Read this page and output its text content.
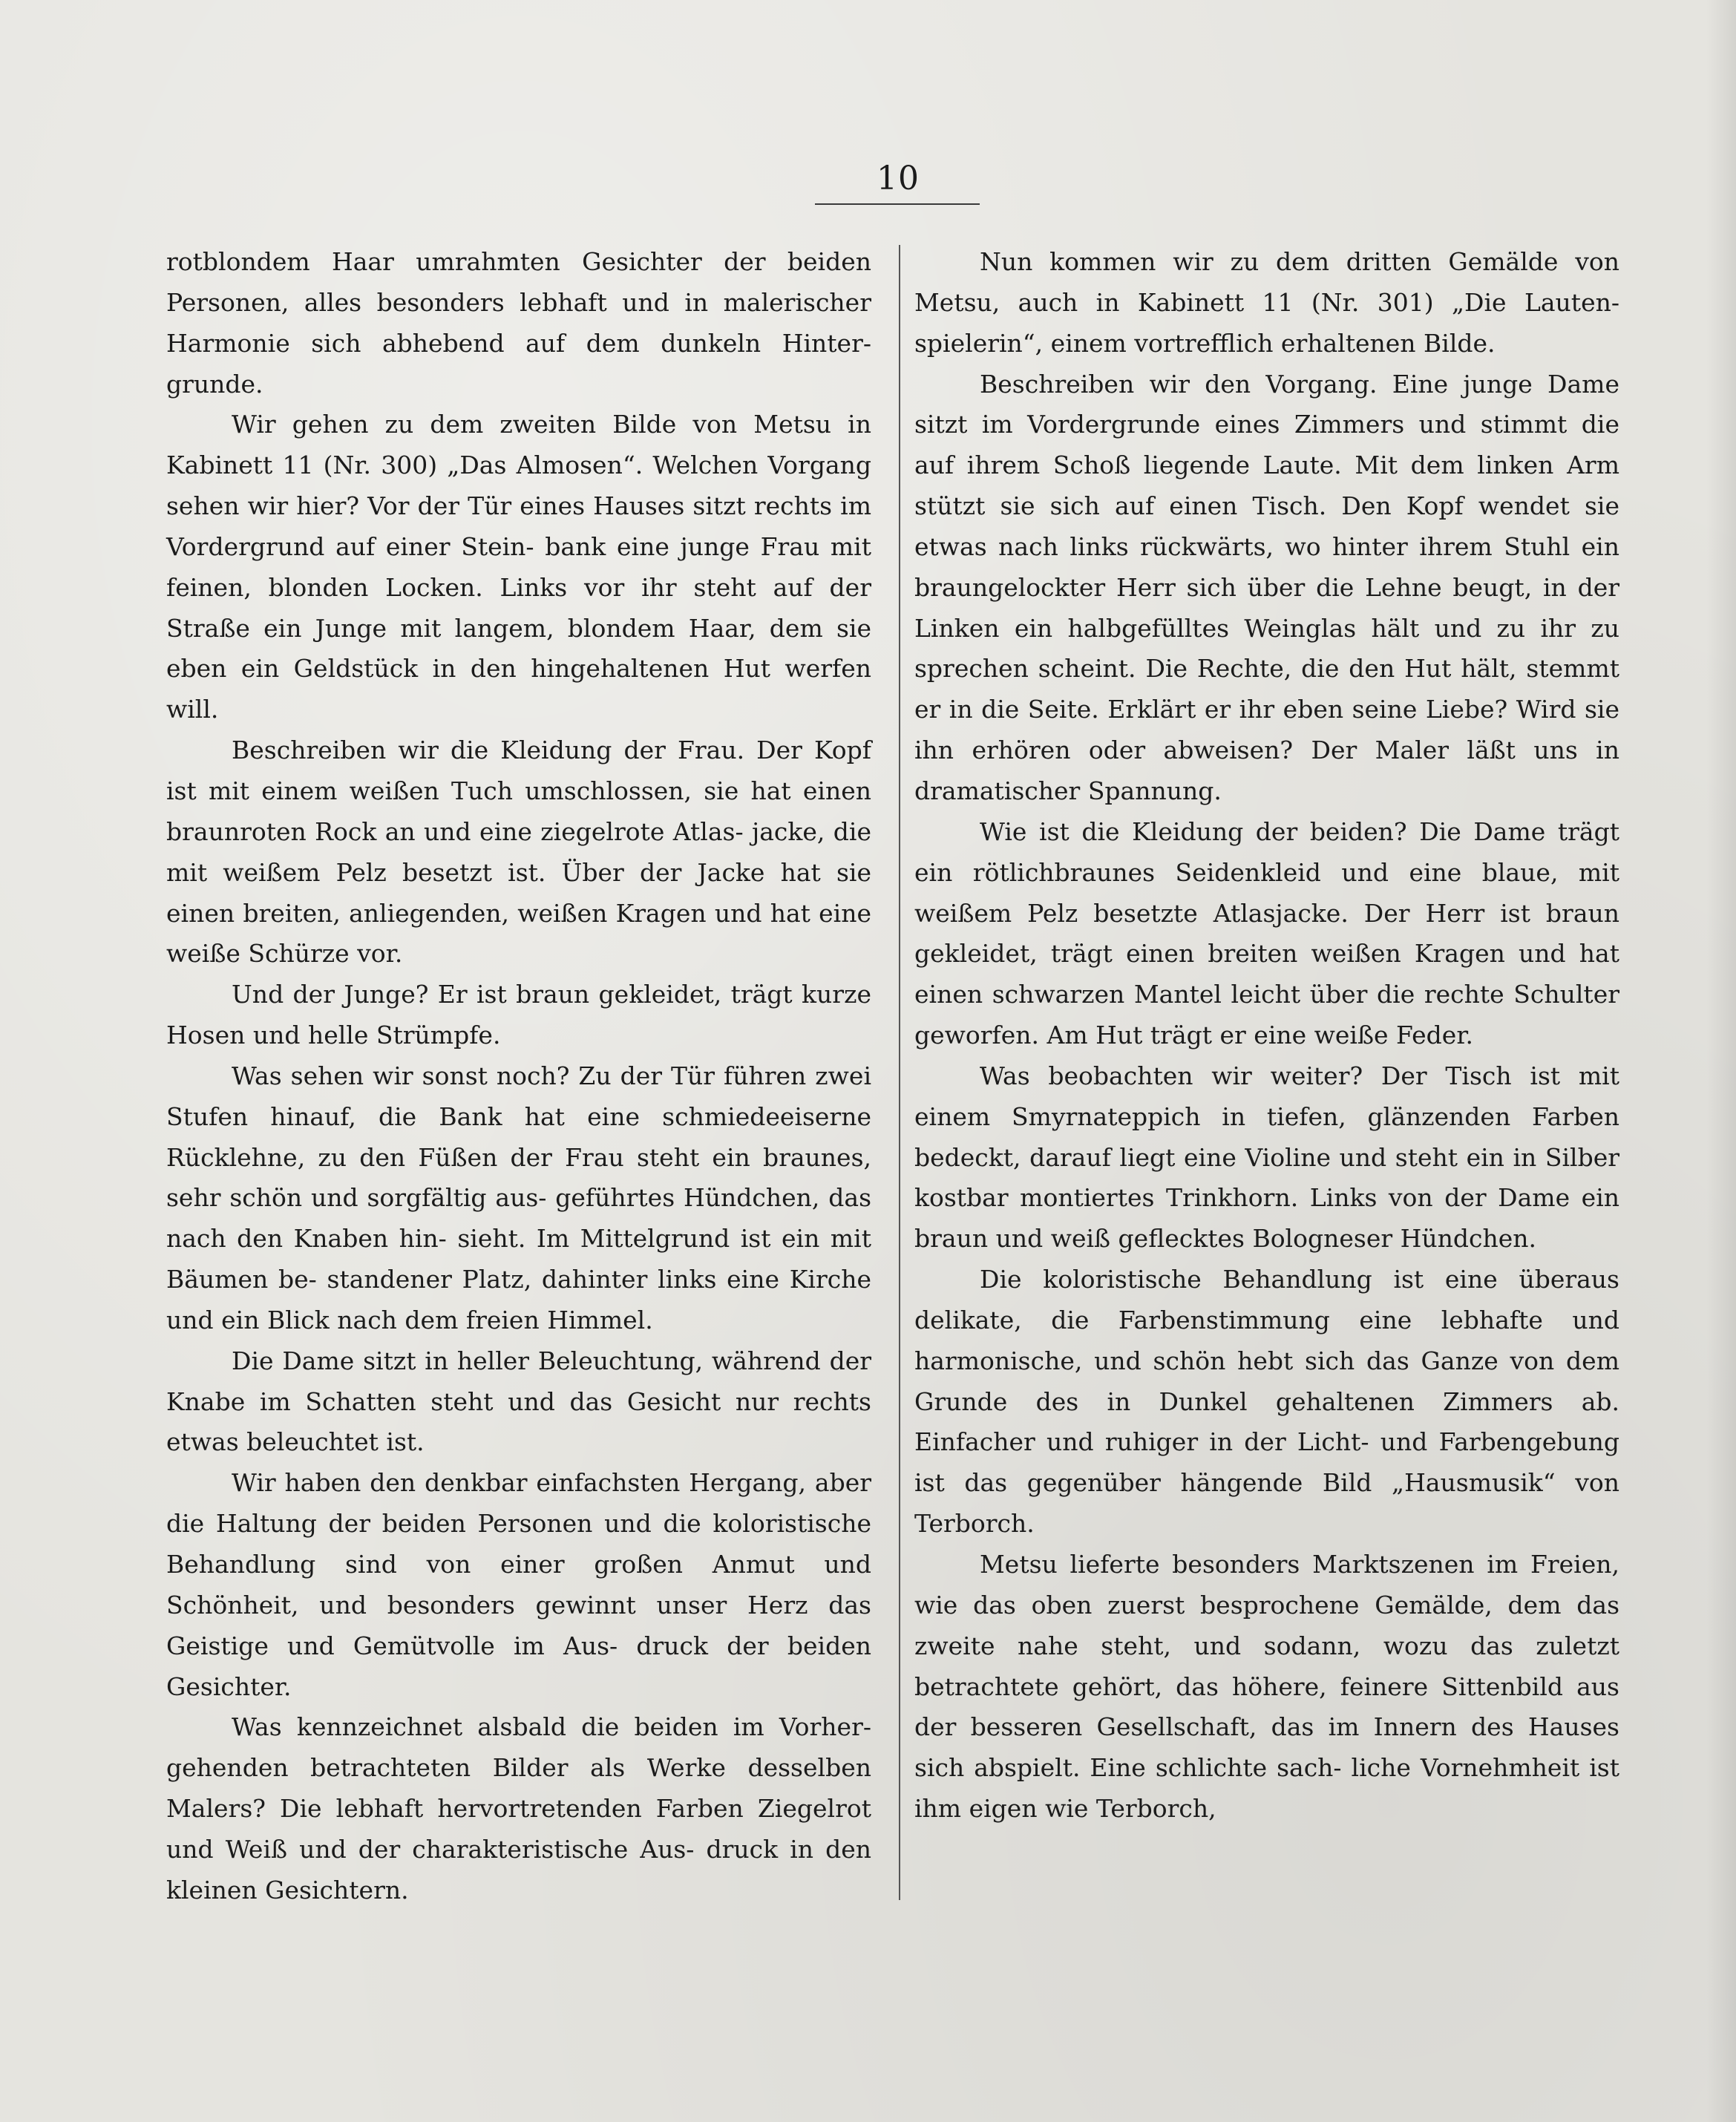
10

rotblondem Haar umrahmten Gesichter der beiden Personen, alles besonders lebhaft und in malerischer Harmonie sich abhebend auf dem dunkeln Hinter- grunde.

Wir gehen zu dem zweiten Bilde von Metsu in Kabinett 11 (Nr. 300) „Das Almosen“. Welchen Vorgang sehen wir hier? Vor der Tür eines Hauses sitzt rechts im Vordergrund auf einer Stein- bank eine junge Frau mit feinen, blonden Locken. Links vor ihr steht auf der Straße ein Junge mit langem, blondem Haar, dem sie eben ein Geldstück in den hingehaltenen Hut werfen will.

Beschreiben wir die Kleidung der Frau. Der Kopf ist mit einem weißen Tuch umschlossen, sie hat einen braunroten Rock an und eine ziegelrote Atlas- jacke, die mit weißem Pelz besetzt ist. Über der Jacke hat sie einen breiten, anliegenden, weißen Kragen und hat eine weiße Schürze vor.

Und der Junge? Er ist braun gekleidet, trägt kurze Hosen und helle Strümpfe.

Was sehen wir sonst noch? Zu der Tür führen zwei Stufen hinauf, die Bank hat eine schmiedeeiserne Rücklehne, zu den Füßen der Frau steht ein braunes, sehr schön und sorgfältig aus- geführtes Hündchen, das nach den Knaben hin- sieht. Im Mittelgrund ist ein mit Bäumen be- standener Platz, dahinter links eine Kirche und ein Blick nach dem freien Himmel.

Die Dame sitzt in heller Beleuchtung, während der Knabe im Schatten steht und das Gesicht nur rechts etwas beleuchtet ist.

Wir haben den denkbar einfachsten Hergang, aber die Haltung der beiden Personen und die koloristische Behandlung sind von einer großen Anmut und Schönheit, und besonders gewinnt unser Herz das Geistige und Gemütvolle im Aus- druck der beiden Gesichter.

Was kennzeichnet alsbald die beiden im Vorher- gehenden betrachteten Bilder als Werke desselben Malers? Die lebhaft hervortretenden Farben Ziegelrot und Weiß und der charakteristische Aus- druck in den kleinen Gesichtern.

Nun kommen wir zu dem dritten Gemälde von Metsu, auch in Kabinett 11 (Nr. 301) „Die Lauten- spielerin“, einem vortrefflich erhaltenen Bilde.

Beschreiben wir den Vorgang. Eine junge Dame sitzt im Vordergrunde eines Zimmers und stimmt die auf ihrem Schoß liegende Laute. Mit dem linken Arm stützt sie sich auf einen Tisch. Den Kopf wendet sie etwas nach links rückwärts, wo hinter ihrem Stuhl ein braungelockter Herr sich über die Lehne beugt, in der Linken ein halbgefülltes Weinglas hält und zu ihr zu sprechen scheint. Die Rechte, die den Hut hält, stemmt er in die Seite. Erklärt er ihr eben seine Liebe? Wird sie ihn erhören oder abweisen? Der Maler läßt uns in dramatischer Spannung.

Wie ist die Kleidung der beiden? Die Dame trägt ein rötlichbraunes Seidenkleid und eine blaue, mit weißem Pelz besetzte Atlasjacke. Der Herr ist braun gekleidet, trägt einen breiten weißen Kragen und hat einen schwarzen Mantel leicht über die rechte Schulter geworfen. Am Hut trägt er eine weiße Feder.

Was beobachten wir weiter? Der Tisch ist mit einem Smyrnateppich in tiefen, glänzenden Farben bedeckt, darauf liegt eine Violine und steht ein in Silber kostbar montiertes Trinkhorn. Links von der Dame ein braun und weiß geflecktes Bologneser Hündchen.

Die koloristische Behandlung ist eine überaus delikate, die Farbenstimmung eine lebhafte und harmonische, und schön hebt sich das Ganze von dem Grunde des in Dunkel gehaltenen Zimmers ab. Einfacher und ruhiger in der Licht- und Farbengebung ist das gegenüber hängende Bild „Hausmusik“ von Terborch.

Metsu lieferte besonders Marktszenen im Freien, wie das oben zuerst besprochene Gemälde, dem das zweite nahe steht, und sodann, wozu das zuletzt betrachtete gehört, das höhere, feinere Sittenbild aus der besseren Gesellschaft, das im Innern des Hauses sich abspielt. Eine schlichte sach- liche Vornehmheit ist ihm eigen wie Terborch,
